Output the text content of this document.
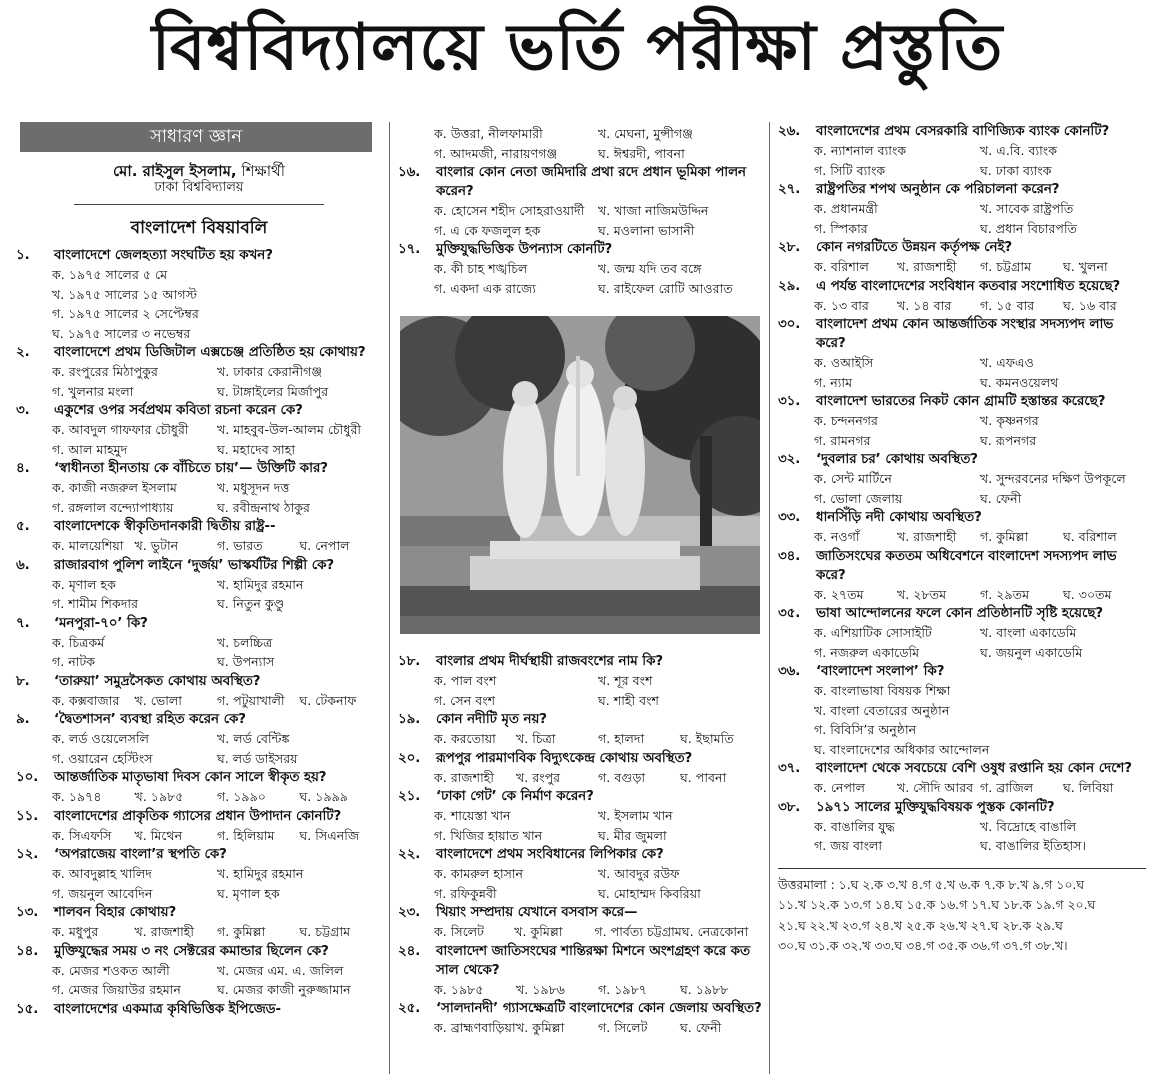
বিশ্ববিদ্যালয়ে ভর্তি পরীক্ষা প্রস্তুতি
সাধারণ জ্ঞান
মো. রাইসুল ইসলাম, শিক্ষার্থী
ঢাকা বিশ্ববিদ্যালয়
বাংলাদেশ বিষয়াবলি
১.	বাংলাদেশে জেলহত্যা সংঘটিত হয় কখন?
ক. ১৯৭৫ সালের ৫ মে
খ. ১৯৭৫ সালের ১৫ আগস্ট
গ. ১৯৭৫ সালের ২ সেপ্টেম্বর
ঘ. ১৯৭৫ সালের ৩ নভেম্বর
২.	বাংলাদেশে প্রথম ডিজিটাল এক্সচেঞ্জ প্রতিষ্ঠিত হয় কোথায়?
ক. রংপুরের মিঠাপুকুর	খ. ঢাকার কেরানীগঞ্জ
গ. খুলনার মংলা	ঘ. টাঙ্গাইলের মির্জাপুর
৩.	একুশের ওপর সর্বপ্রথম কবিতা রচনা করেন কে?
ক. আবদুল গাফফার চৌধুরী	খ. মাহবুব-উল-আলম চৌধুরী
গ. আল মাহমুদ	ঘ. মহাদেব সাহা
৪.	‘স্বাধীনতা হীনতায় কে বাঁচিতে চায়’— উক্তিটি কার?
ক. কাজী নজরুল ইসলাম	খ. মধুসূদন দত্ত
গ. রঙ্গলাল বন্দ্যোপাধ্যায়	ঘ. রবীন্দ্রনাথ ঠাকুর
৫.	বাংলাদেশকে স্বীকৃতিদানকারী দ্বিতীয় রাষ্ট্র--
ক. মালয়েশিয়া খ. ভুটান	গ. ভারত	ঘ. নেপাল
৬.	রাজারবাগ পুলিশ লাইনে ‘দুর্জয়’ ভাস্কর্যটির শিল্পী কে?
ক. মৃণাল হক	খ. হামিদুর রহমান
গ. শামীম শিকদার	ঘ. নিতুন কুণ্ডু
৭.	‘মনপুরা-৭০’ কি?
ক. চিত্রকর্ম	খ. চলচ্চিত্র
গ. নাটক	ঘ. উপন্যাস
৮.	‘তারুয়া’ সমুদ্রসৈকত কোথায় অবস্থিত?
ক. কক্সবাজার	খ. ভোলা	গ. পটুয়াখালী	ঘ. টেকনাফ
৯.	‘দ্বৈতশাসন’ ব্যবস্থা রহিত করেন কে?
ক. লর্ড ওয়েলেসলি	খ. লর্ড বেন্টিঙ্ক
গ. ওয়ারেন হেস্টিংস	ঘ. লর্ড ডাইসরয়
১০.	আন্তর্জাতিক মাতৃভাষা দিবস কোন সালে স্বীকৃত হয়?
ক. ১৯৭৪	খ. ১৯৮৫	গ. ১৯৯০	ঘ. ১৯৯৯
১১.	বাংলাদেশের প্রাকৃতিক গ্যাসের প্রধান উপাদান কোনটি?
ক. সিএফসি	খ. মিথেন	গ. হিলিয়াম	ঘ. সিএনজি
১২.	‘অপরাজেয় বাংলা’র স্থপতি কে?
ক. আবদুল্লাহ খালিদ	খ. হামিদুর রহমান
গ. জয়নুল আবেদিন	ঘ. মৃণাল হক
১৩.	শালবন বিহার কোথায়?
ক. মধুপুর	খ. রাজশাহী	গ. কুমিল্লা	ঘ. চট্টগ্রাম
১৪.	মুক্তিযুদ্ধের সময় ৩ নং সেক্টরের কমান্ডার ছিলেন কে?
ক. মেজর শওকত আলী	খ. মেজর এম. এ. জলিল
গ. মেজর জিয়াউর রহমান	ঘ. মেজর কাজী নুরুজ্জামান
১৫.	বাংলাদেশের একমাত্র কৃষিভিত্তিক ইপিজেড-
ক. উত্তরা, নীলফামারী	খ. মেঘনা, মুন্সীগঞ্জ
গ. আদমজী, নারায়ণগঞ্জ	ঘ. ঈশ্বরদী, পাবনা
১৬.	বাংলার কোন নেতা জমিদারি প্রথা রদে প্রধান ভূমিকা পালন করেন?
ক. হোসেন শহীদ সোহরাওয়ার্দী	খ. খাজা নাজিমউদ্দিন
গ. এ কে ফজলুল হক	ঘ. মওলানা ভাসানী
১৭.	মুক্তিযুদ্ধভিত্তিক উপন্যাস কোনটি?
ক. কী চাহ শঙ্খচিল	খ. জন্ম যদি তব বঙ্গে
গ. একদা এক রাজ্যে	ঘ. রাইফেল রোটি আওরাত
১৮.	বাংলার প্রথম দীর্ঘস্থায়ী রাজবংশের নাম কি?
ক. পাল বংশ	খ. শূর বংশ
গ. সেন বংশ	ঘ. শাহী বংশ
১৯.	কোন নদীটি মৃত নয়?
ক. করতোয়া	খ. চিত্রা	গ. হালদা	ঘ. ইছামতি
২০.	রূপপুর পারমাণবিক বিদ্যুৎকেন্দ্র কোথায় অবস্থিত?
ক. রাজশাহী	খ. রংপুর	গ. বগুড়া	ঘ. পাবনা
২১.	‘ঢাকা গেট’ কে নির্মাণ করেন?
ক. শায়েস্তা খান	খ. ইসলাম খান
গ. খিজির হায়াত খান	ঘ. মীর জুমলা
২২.	বাংলাদেশে প্রথম সংবিধানের লিপিকার কে?
ক. কামরুল হাসান	খ. আবদুর রউফ
গ. রফিকুন্নবী	ঘ. মোহাম্মদ কিবরিয়া
২৩.	খিয়াং সম্প্রদায় যেখানে বসবাস করে—
ক. সিলেট	খ. কুমিল্লা	গ. পার্বত্য চট্টগ্রাম ঘ. নেত্রকোনা
২৪.	বাংলাদেশ জাতিসংঘের শান্তিরক্ষা মিশনে অংশগ্রহণ করে কত সাল থেকে?
ক. ১৯৮৫	খ. ১৯৮৬	গ. ১৯৮৭	ঘ. ১৯৮৮
২৫.	‘সালদানদী’ গ্যাসক্ষেত্রটি বাংলাদেশের কোন জেলায় অবস্থিত?
ক. ব্রাহ্মণবাড়িয়া খ. কুমিল্লা	গ. সিলেট	ঘ. ফেনী
২৬.	বাংলাদেশের প্রথম বেসরকারি বাণিজ্যিক ব্যাংক কোনটি?
ক. ন্যাশনাল ব্যাংক	খ. এ.বি. ব্যাংক
গ. সিটি ব্যাংক	ঘ. ঢাকা ব্যাংক
২৭.	রাষ্ট্রপতির শপথ অনুষ্ঠান কে পরিচালনা করেন?
ক. প্রধানমন্ত্রী	খ. সাবেক রাষ্ট্রপতি
গ. স্পিকার	ঘ. প্রধান বিচারপতি
২৮.	কোন নগরটিতে উন্নয়ন কর্তৃপক্ষ নেই?
ক. বরিশাল	খ. রাজশাহী	গ. চট্টগ্রাম	ঘ. খুলনা
২৯.	এ পর্যন্ত বাংলাদেশের সংবিধান কতবার সংশোধিত হয়েছে?
ক. ১৩ বার	খ. ১৪ বার	গ. ১৫ বার	ঘ. ১৬ বার
৩০.	বাংলাদেশ প্রথম কোন আন্তর্জাতিক সংস্থার সদস্যপদ লাভ করে?
ক. ওআইসি	খ. এফএও
গ. ন্যাম	ঘ. কমনওয়েলথ
৩১.	বাংলাদেশ ভারতের নিকট কোন গ্রামটি হস্তান্তর করেছে?
ক. চন্দননগর	খ. কৃষ্ণনগর
গ. রামনগর	ঘ. রূপনগর
৩২.	‘দুবলার চর’ কোথায় অবস্থিত?
ক. সেন্ট মার্টিনে	খ. সুন্দরবনের দক্ষিণ উপকূলে
গ. ভোলা জেলায়	ঘ. ফেনী
৩৩.	ধানসিঁড়ি নদী কোথায় অবস্থিত?
ক. নওগাঁ	খ. রাজশাহী	গ. কুমিল্লা	ঘ. বরিশাল
৩৪.	জাতিসংঘের কততম অধিবেশনে বাংলাদেশ সদস্যপদ লাভ করে?
ক. ২৭তম	খ. ২৮তম	গ. ২৯তম	ঘ. ৩০তম
৩৫.	ভাষা আন্দোলনের ফলে কোন প্রতিষ্ঠানটি সৃষ্টি হয়েছে?
ক. এশিয়াটিক সোসাইটি	খ. বাংলা একাডেমি
গ. নজরুল একাডেমি	ঘ. জয়নুল একাডেমি
৩৬.	‘বাংলাদেশ সংলাপ’ কি?
ক. বাংলাভাষা বিষয়ক শিক্ষা
খ. বাংলা বেতারের অনুষ্ঠান
গ. বিবিসি’র অনুষ্ঠান
ঘ. বাংলাদেশের অধিকার আন্দোলন
৩৭.	বাংলাদেশ থেকে সবচেয়ে বেশি ওষুধ রপ্তানি হয় কোন দেশে?
ক. নেপাল	খ. সৌদি আরব গ. ব্রাজিল	ঘ. লিবিয়া
৩৮.	১৯৭১ সালের মুক্তিযুদ্ধবিষয়ক পুস্তক কোনটি?
ক. বাঙালির যুদ্ধ	খ. বিদ্রোহে বাঙালি
গ. জয় বাংলা	ঘ. বাঙালির ইতিহাস।
উত্তরমালা : ১.ঘ ২.ক ৩.খ ৪.গ ৫.খ ৬.ক ৭.ক ৮.খ ৯.গ ১০.ঘ
১১.খ ১২.ক ১৩.গ ১৪.ঘ ১৫.ক ১৬.গ ১৭.ঘ ১৮.ক ১৯.গ ২০.ঘ
২১.ঘ ২২.খ ২৩.গ ২৪.খ ২৫.ক ২৬.খ ২৭.ঘ ২৮.ক ২৯.ঘ
৩০.ঘ ৩১.ক ৩২.খ ৩৩.ঘ ৩৪.গ ৩৫.ক ৩৬.গ ৩৭.গ ৩৮.খ।
